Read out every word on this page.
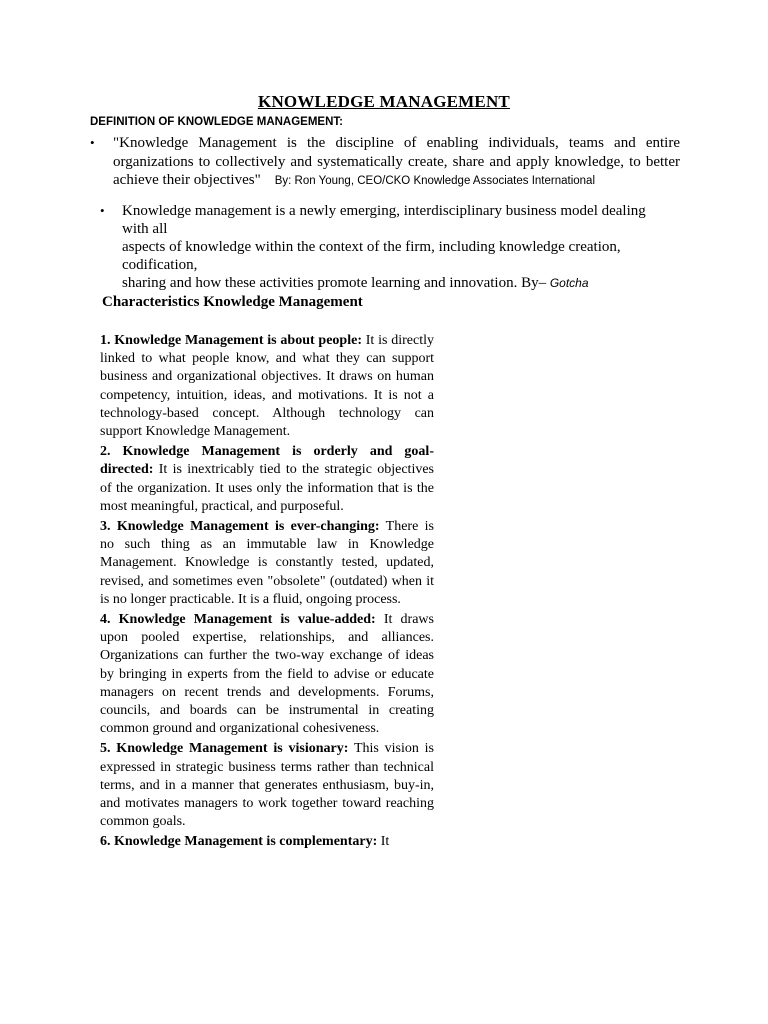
KNOWLEDGE MANAGEMENT
DEFINITION OF KNOWLEDGE MANAGEMENT:
• "Knowledge Management is the discipline of enabling individuals, teams and entire organizations to collectively and systematically create, share and apply knowledge, to better achieve their objectives" By: Ron Young, CEO/CKO Knowledge Associates International
• Knowledge management is a newly emerging, interdisciplinary business model dealing with all
aspects of knowledge within the context of the firm, including knowledge creation, codification,
sharing and how these activities promote learning and innovation. By– Gotcha
Characteristics Knowledge Management

1. Knowledge Management is about people: It is directly linked to what people know, and what they can support business and organizational objectives. It draws on human competency, intuition, ideas, and motivations. It is not a technology-based concept. Although technology can support Knowledge Management.

2. Knowledge Management is orderly and goal-directed: It is inextricably tied to the strategic objectives of the organization. It uses only the information that is the most meaningful, practical, and purposeful.

3. Knowledge Management is ever-changing: There is no such thing as an immutable law in Knowledge Management. Knowledge is constantly tested, updated, revised, and sometimes even "obsolete" (outdated) when it is no longer practicable. It is a fluid, ongoing process.

4. Knowledge Management is value-added: It draws upon pooled expertise, relationships, and alliances. Organizations can further the two-way exchange of ideas by bringing in experts from the field to advise or educate managers on recent trends and developments. Forums, councils, and boards can be instrumental in creating common ground and organizational cohesiveness.

5. Knowledge Management is visionary: This vision is expressed in strategic business terms rather than technical terms, and in a manner that generates enthusiasm, buy-in, and motivates managers to work together toward reaching common goals.

6. Knowledge Management is complementary: It
